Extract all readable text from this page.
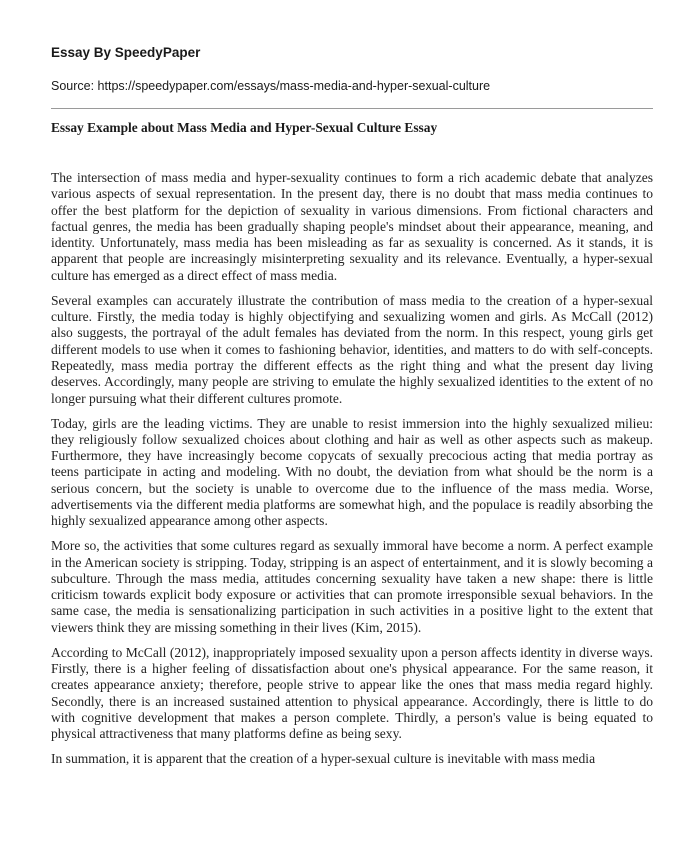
Essay By SpeedyPaper
Source: https://speedypaper.com/essays/mass-media-and-hyper-sexual-culture
Essay Example about Mass Media and Hyper-Sexual Culture Essay

The intersection of mass media and hyper-sexuality continues to form a rich academic debate that analyzes various aspects of sexual representation. In the present day, there is no doubt that mass media continues to offer the best platform for the depiction of sexuality in various dimensions. From fictional characters and factual genres, the media has been gradually shaping people's mindset about their appearance, meaning, and identity. Unfortunately, mass media has been misleading as far as sexuality is concerned. As it stands, it is apparent that people are increasingly misinterpreting sexuality and its relevance. Eventually, a hyper-sexual culture has emerged as a direct effect of mass media.

Several examples can accurately illustrate the contribution of mass media to the creation of a hyper-sexual culture. Firstly, the media today is highly objectifying and sexualizing women and girls. As McCall (2012) also suggests, the portrayal of the adult females has deviated from the norm. In this respect, young girls get different models to use when it comes to fashioning behavior, identities, and matters to do with self-concepts. Repeatedly, mass media portray the different effects as the right thing and what the present day living deserves. Accordingly, many people are striving to emulate the highly sexualized identities to the extent of no longer pursuing what their different cultures promote.

Today, girls are the leading victims. They are unable to resist immersion into the highly sexualized milieu: they religiously follow sexualized choices about clothing and hair as well as other aspects such as makeup. Furthermore, they have increasingly become copycats of sexually precocious acting that media portray as teens participate in acting and modeling. With no doubt, the deviation from what should be the norm is a serious concern, but the society is unable to overcome due to the influence of the mass media. Worse, advertisements via the different media platforms are somewhat high, and the populace is readily absorbing the highly sexualized appearance among other aspects.

More so, the activities that some cultures regard as sexually immoral have become a norm. A perfect example in the American society is stripping. Today, stripping is an aspect of entertainment, and it is slowly becoming a subculture. Through the mass media, attitudes concerning sexuality have taken a new shape: there is little criticism towards explicit body exposure or activities that can promote irresponsible sexual behaviors. In the same case, the media is sensationalizing participation in such activities in a positive light to the extent that viewers think they are missing something in their lives (Kim, 2015).

According to McCall (2012), inappropriately imposed sexuality upon a person affects identity in diverse ways. Firstly, there is a higher feeling of dissatisfaction about one's physical appearance. For the same reason, it creates appearance anxiety; therefore, people strive to appear like the ones that mass media regard highly. Secondly, there is an increased sustained attention to physical appearance. Accordingly, there is little to do with cognitive development that makes a person complete. Thirdly, a person's value is being equated to physical attractiveness that many platforms define as being sexy.

In summation, it is apparent that the creation of a hyper-sexual culture is inevitable with mass media
